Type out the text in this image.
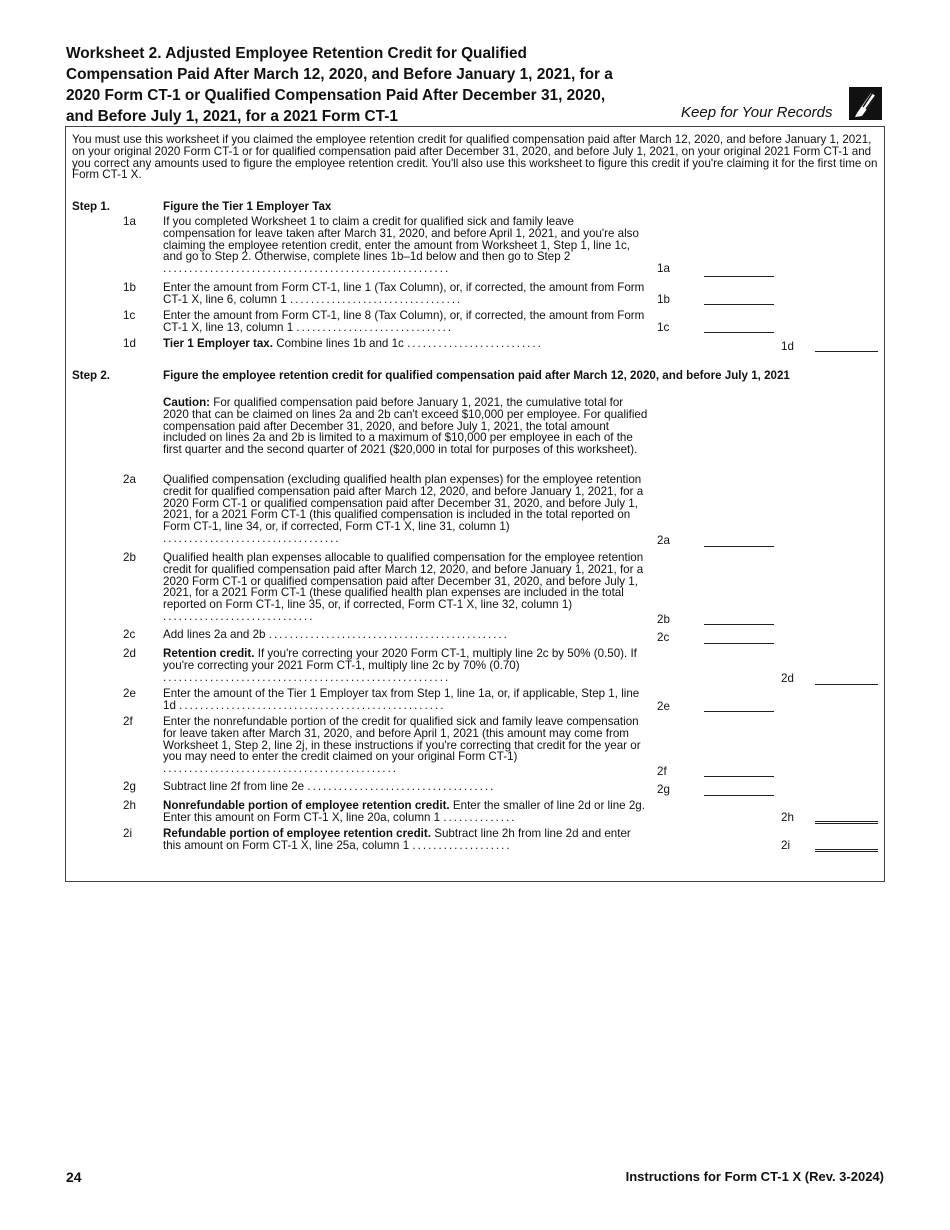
Worksheet 2. Adjusted Employee Retention Credit for Qualified Compensation Paid After March 12, 2020, and Before January 1, 2021, for a 2020 Form CT-1 or Qualified Compensation Paid After December 31, 2020, and Before July 1, 2021, for a 2021 Form CT-1	Keep for Your Records
You must use this worksheet if you claimed the employee retention credit for qualified compensation paid after March 12, 2020, and before January 1, 2021, on your original 2020 Form CT-1 or for qualified compensation paid after December 31, 2020, and before July 1, 2021, on your original 2021 Form CT-1 and you correct any amounts used to figure the employee retention credit. You'll also use this worksheet to figure this credit if you're claiming it for the first time on Form CT-1 X.
Step 1.	Figure the Tier 1 Employer Tax
1a If you completed Worksheet 1 to claim a credit for qualified sick and family leave compensation for leave taken after March 31, 2020, and before April 1, 2021, and you're also claiming the employee retention credit, enter the amount from Worksheet 1, Step 1, line 1c, and go to Step 2. Otherwise, complete lines 1b–1d below and then go to Step 2 .......................................................	1a
1b Enter the amount from Form CT-1, line 1 (Tax Column), or, if corrected, the amount from Form CT-1 X, line 6, column 1 .................................	1b
1c Enter the amount from Form CT-1, line 8 (Tax Column), or, if corrected, the amount from Form CT-1 X, line 13, column 1 ..............................	1c
1d Tier 1 Employer tax. Combine lines 1b and 1c ..........................	1d
Step 2.	Figure the employee retention credit for qualified compensation paid after March 12, 2020, and before July 1, 2021
Caution: For qualified compensation paid before January 1, 2021, the cumulative total for 2020 that can be claimed on lines 2a and 2b can't exceed $10,000 per employee. For qualified compensation paid after December 31, 2020, and before July 1, 2021, the total amount included on lines 2a and 2b is limited to a maximum of $10,000 per employee in each of the first quarter and the second quarter of 2021 ($20,000 in total for purposes of this worksheet).
2a Qualified compensation (excluding qualified health plan expenses) for the employee retention credit for qualified compensation paid after March 12, 2020, and before January 1, 2021, for a 2020 Form CT-1 or qualified compensation paid after December 31, 2020, and before July 1, 2021, for a 2021 Form CT-1 (this qualified compensation is included in the total reported on Form CT-1, line 34, or, if corrected, Form CT-1 X, line 31, column 1) ..................................	2a
2b Qualified health plan expenses allocable to qualified compensation for the employee retention credit for qualified compensation paid after March 12, 2020, and before January 1, 2021, for a 2020 Form CT-1 or qualified compensation paid after December 31, 2020, and before July 1, 2021, for a 2021 Form CT-1 (these qualified health plan expenses are included in the total reported on Form CT-1, line 35, or, if corrected, Form CT-1 X, line 32, column 1) .............................	2b
2c Add lines 2a and 2b ..............................................	2c
2d Retention credit. If you're correcting your 2020 Form CT-1, multiply line 2c by 50% (0.50). If you're correcting your 2021 Form CT-1, multiply line 2c by 70% (0.70) .......................................................	2d
2e Enter the amount of the Tier 1 Employer tax from Step 1, line 1a, or, if applicable, Step 1, line 1d ...................................................	2e
2f	Enter the nonrefundable portion of the credit for qualified sick and family leave compensation for leave taken after March 31, 2020, and before April 1, 2021 (this amount may come from Worksheet 1, Step 2, line 2j, in these instructions if you're correcting that credit for the year or you may need to enter the credit claimed on your original Form CT-1) .............................................	2f
2g Subtract line 2f from line 2e ....................................	2g
2h Nonrefundable portion of employee retention credit. Enter the smaller of line 2d or line 2g. Enter this amount on Form CT-1 X, line 20a, column 1 ..............	2h
2i	Refundable portion of employee retention credit. Subtract line 2h from line 2d and enter this amount on Form CT-1 X, line 25a, column 1 ...................	2i
24	Instructions for Form CT-1 X (Rev. 3-2024)
